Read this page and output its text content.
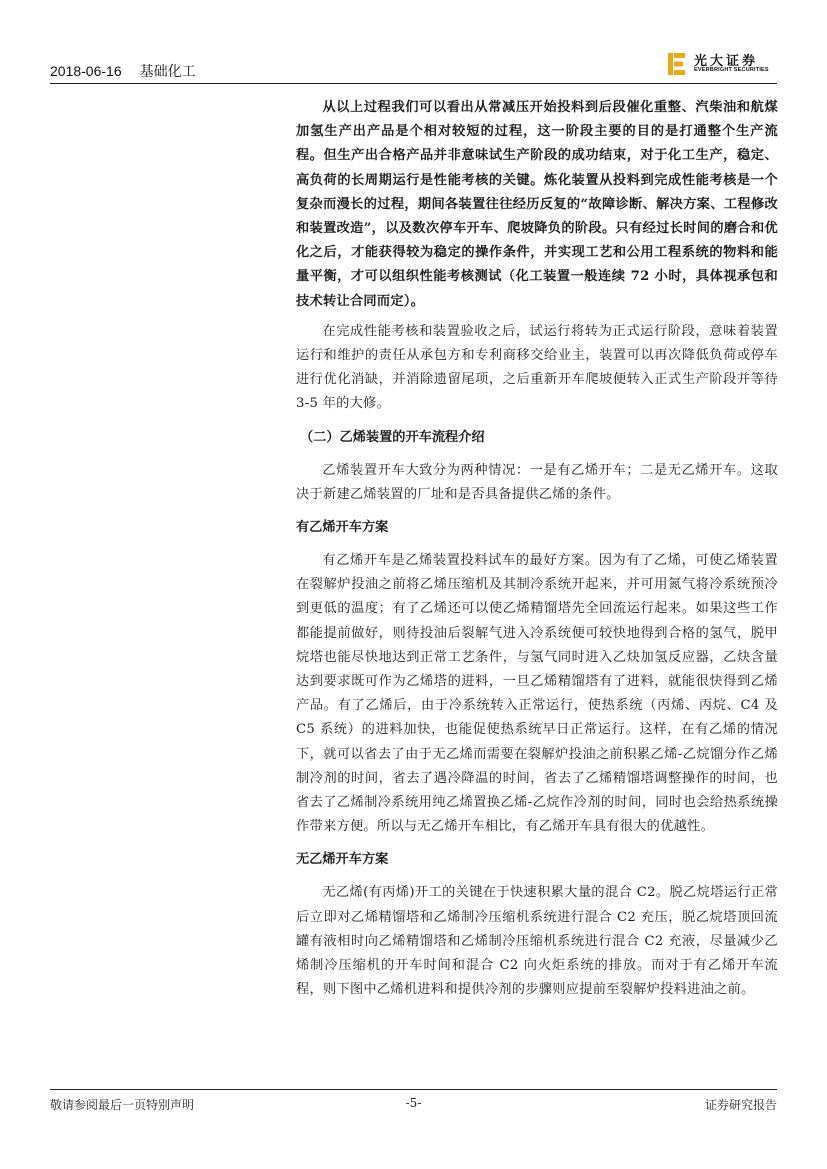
2018-06-16 基础化工
光大证券
EVERBRIGHT SECURITIES

从以上过程我们可以看出从常减压开始投料到后段催化重整、汽柴油和航煤加氢生产出产品是个相对较短的过程，这一阶段主要的目的是打通整个生产流程。但生产出合格产品并非意味试生产阶段的成功结束，对于化工生产，稳定、高负荷的长周期运行是性能考核的关键。炼化装置从投料到完成性能考核是一个复杂而漫长的过程，期间各装置往往经历反复的“故障诊断、解决方案、工程修改和装置改造”，以及数次停车开车、爬坡降负的阶段。只有经过长时间的磨合和优化之后，才能获得较为稳定的操作条件，并实现工艺和公用工程系统的物料和能量平衡，才可以组织性能考核测试（化工装置一般连续 72 小时，具体视承包和技术转让合同而定）。

在完成性能考核和装置验收之后，试运行将转为正式运行阶段，意味着装置运行和维护的责任从承包方和专利商移交给业主，装置可以再次降低负荷或停车进行优化消缺，并消除遗留尾项，之后重新开车爬坡便转入正式生产阶段并等待 3-5 年的大修。

（二）乙烯装置的开车流程介绍

乙烯装置开车大致分为两种情况：一是有乙烯开车；二是无乙烯开车。这取决于新建乙烯装置的厂址和是否具备提供乙烯的条件。

有乙烯开车方案

有乙烯开车是乙烯装置投料试车的最好方案。因为有了乙烯，可使乙烯装置在裂解炉投油之前将乙烯压缩机及其制冷系统开起来，并可用氮气将冷系统预冷到更低的温度；有了乙烯还可以使乙烯精馏塔先全回流运行起来。如果这些工作都能提前做好，则待投油后裂解气进入冷系统便可较快地得到合格的氢气，脱甲烷塔也能尽快地达到正常工艺条件，与氢气同时进入乙炔加氢反应器，乙炔含量达到要求既可作为乙烯塔的进料，一旦乙烯精馏塔有了进料，就能很快得到乙烯产品。有了乙烯后，由于冷系统转入正常运行，使热系统（丙烯、丙烷、C4 及 C5 系统）的进料加快，也能促使热系统早日正常运行。这样，在有乙烯的情况下，就可以省去了由于无乙烯而需要在裂解炉投油之前积累乙烯-乙烷馏分作乙烯制冷剂的时间，省去了遇冷降温的时间，省去了乙烯精馏塔调整操作的时间，也省去了乙烯制冷系统用纯乙烯置换乙烯-乙烷作冷剂的时间，同时也会给热系统操作带来方便。所以与无乙烯开车相比，有乙烯开车具有很大的优越性。

无乙烯开车方案

无乙烯(有丙烯)开工的关键在于快速积累大量的混合 C2。脱乙烷塔运行正常后立即对乙烯精馏塔和乙烯制冷压缩机系统进行混合 C2 充压，脱乙烷塔顶回流罐有液相时向乙烯精馏塔和乙烯制冷压缩机系统进行混合 C2 充液，尽量减少乙烯制冷压缩机的开车时间和混合 C2 向火炬系统的排放。而对于有乙烯开车流程，则下图中乙烯机进料和提供冷剂的步骤则应提前至裂解炉投料进油之前。

敬请参阅最后一页特别声明	-5-	证券研究报告
